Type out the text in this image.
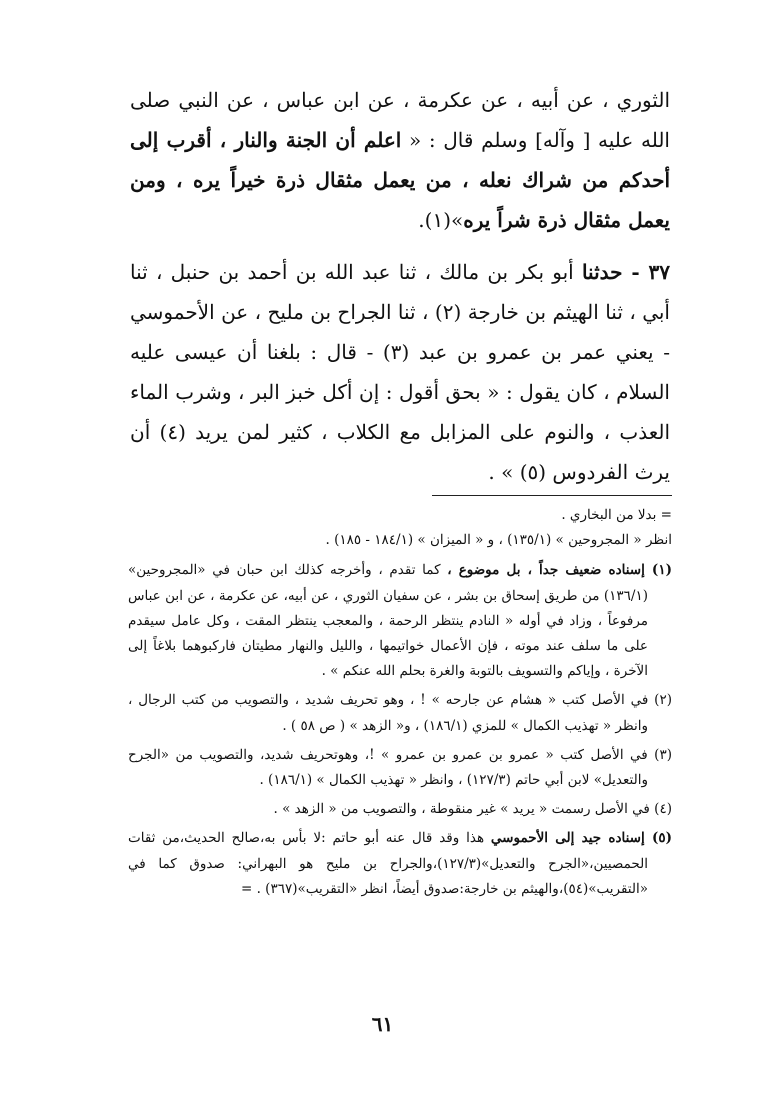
الثوري ، عن أبيه ، عن عكرمة ، عن ابن عباس ، عن النبي صلى الله عليه [ وآله] وسلم قال : « اعلم أن الجنة والنار ، أقرب إلى أحدكم من شراك نعله ، من يعمل مثقال ذرة خيراً يره ، ومن يعمل مثقال ذرة شراً يره»(١).

٣٧ - حدثنا أبو بكر بن مالك ، ثنا عبد الله بن أحمد بن حنبل ، ثنا أبي ، ثنا الهيثم بن خارجة (٢) ، ثنا الجراح بن مليح ، عن الأحموسي - يعني عمر بن عمرو بن عبد (٣) - قال : بلغنا أن عيسى عليه السلام ، كان يقول : « بحق أقول : إن أكل خبز البر ، وشرب الماء العذب ، والنوم على المزابل مع الكلاب ، كثير لمن يريد (٤) أن يرث الفردوس (٥) » .

= بدلا من البخاري .

انظر « المجروحين » (١٣٥/١) ، و « الميزان » (١٨٤/١ - ١٨٥) .

(١) إسناده ضعيف جداً ، بل موضوع ، كما تقدم ، وأخرجه كذلك ابن حبان في «المجروحين» (١٣٦/١) من طريق إسحاق بن بشر ، عن سفيان الثوري ، عن أبيه، عن عكرمة ، عن ابن عباس مرفوعاً ، وزاد في أوله « النادم ينتظر الرحمة ، والمعجب ينتظر المقت ، وكل عامل سيقدم على ما سلف عند موته ، فإن الأعمال خواتيمها ، والليل والنهار مطيتان فاركبوهما بلاغاً إلى الآخرة ، وإياكم والتسويف بالتوبة والغرة بحلم الله عنكم » .

(٢) في الأصل كتب « هشام عن جارحه » ! ، وهو تحريف شديد ، والتصويب من كتب الرجال ، وانظر « تهذيب الكمال » للمزي (١٨٦/١) ، و« الزهد » ( ص ٥٨ ) .

(٣) في الأصل كتب « عمرو بن عمرو بن عمرو » !، وهوتحريف شديد، والتصويب من «الجرح والتعديل» لابن أبي حاتم (١٢٧/٣) ، وانظر « تهذيب الكمال » (١٨٦/١) .

(٤) في الأصل رسمت « يريد » غير منقوطة ، والتصويب من « الزهد » .

(٥) إسناده جيد إلى الأحموسي هذا وقد قال عنه أبو حاتم :لا بأس به،صالح الحديث،من ثقات الحمصيين،«الجرح والتعديل»(١٢٧/٣)،والجراح بن مليح هو البهراني: صدوق كما في «التقريب»(٥٤)،والهيثم بن خارجة:صدوق أيضاً، انظر «التقريب»(٣٦٧) . =

٦١
